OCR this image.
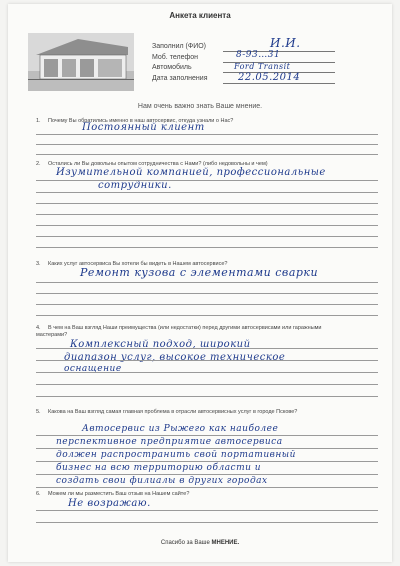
Анкета клиента
Заполнил (ФИО)	И.И.
Моб. телефон	8-93…31
Автомобиль	Ford Transit
Дата заполнения	22.05.2014
Нам очень важно знать Ваше мнение.
1. Почему Вы обратились именно в наш автосервис, откуда узнали о Нас?
Постоянный клиент
2. Остались ли Вы довольны опытом сотрудничества с Нами? (либо недовольны и чем)
Изумительной компанией, профессиональные
сотрудники.
3. Каких услуг автосервиса Вы хотели бы видеть в Нашем автосервисе?
Ремонт кузова с элементами сварки
4. В чем на Ваш взгляд Наши преимущества (или недостатки) перед другими автосервисами или гаражными мастерами?
Комплексный подход, широкий
диапазон услуг, высокое техническое
оснащение
5. Какова на Ваш взгляд самая главная проблема в отрасли автосервисных услуг в городе Пскове?
Автосервис из Рыжего как наиболее
перспективное предприятие автосервиса
должен распространить свой портативный
бизнес на всю территорию области и
создать свои филиалы в других городах
6. Можем ли мы разместить Ваш отзыв на Нашем сайте?
Не возражаю.
Спасибо за Ваше МНЕНИЕ.
